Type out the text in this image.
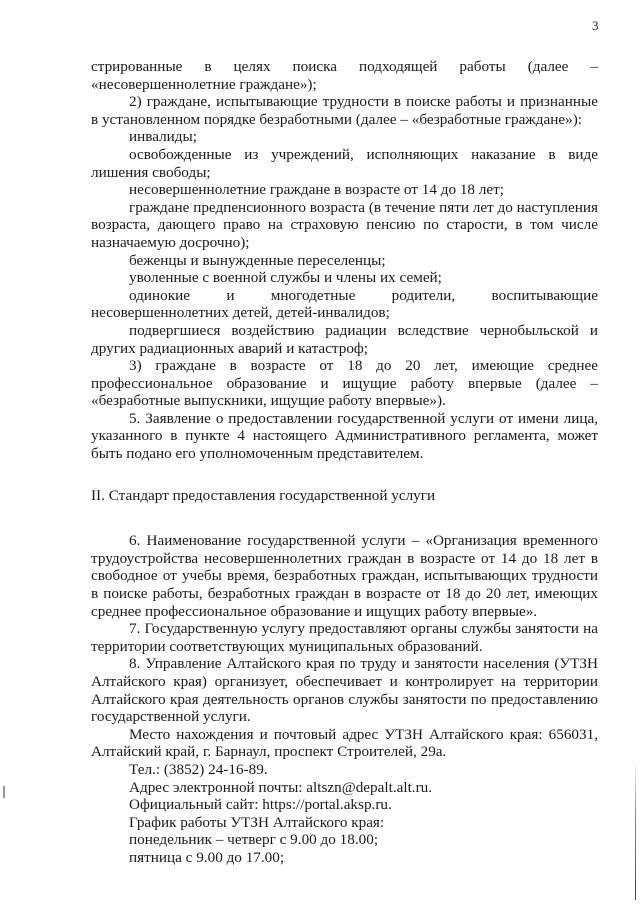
3

стрированные в целях поиска подходящей работы (далее – «несовершеннолетние граждане»);

2) граждане, испытывающие трудности в поиске работы и признанные в установленном порядке безработными (далее – «безработные граждане»):

инвалиды;

освобожденные из учреждений, исполняющих наказание в виде лишения свободы;

несовершеннолетние граждане в возрасте от 14 до 18 лет;

граждане предпенсионного возраста (в течение пяти лет до наступления возраста, дающего право на страховую пенсию по старости, в том числе назначаемую досрочно);

беженцы и вынужденные переселенцы;

уволенные с военной службы и члены их семей;

одинокие и многодетные родители, воспитывающие несовершеннолетних детей, детей-инвалидов;

подвергшиеся воздействию радиации вследствие чернобыльской и других радиационных аварий и катастроф;

3) граждане в возрасте от 18 до 20 лет, имеющие среднее профессиональное образование и ищущие работу впервые (далее – «безработные выпускники, ищущие работу впервые»).

5. Заявление о предоставлении государственной услуги от имени лица, указанного в пункте 4 настоящего Административного регламента, может быть подано его уполномоченным представителем.

II. Стандарт предоставления государственной услуги

6. Наименование государственной услуги – «Организация временного трудоустройства несовершеннолетних граждан в возрасте от 14 до 18 лет в свободное от учебы время, безработных граждан, испытывающих трудности в поиске работы, безработных граждан в возрасте от 18 до 20 лет, имеющих среднее профессиональное образование и ищущих работу впервые».

7. Государственную услугу предоставляют органы службы занятости на территории соответствующих муниципальных образований.

8. Управление Алтайского края по труду и занятости населения (УТЗН Алтайского края) организует, обеспечивает и контролирует на территории Алтайского края деятельность органов службы занятости по предоставлению государственной услуги.

Место нахождения и почтовый адрес УТЗН Алтайского края: 656031, Алтайский край, г. Барнаул, проспект Строителей, 29а.

Тел.: (3852) 24-16-89.

Адрес электронной почты: altszn@depalt.alt.ru.

Официальный сайт: https://portal.aksp.ru.

График работы УТЗН Алтайского края:

понедельник – четверг с 9.00 до 18.00;

пятница с 9.00 до 17.00;
